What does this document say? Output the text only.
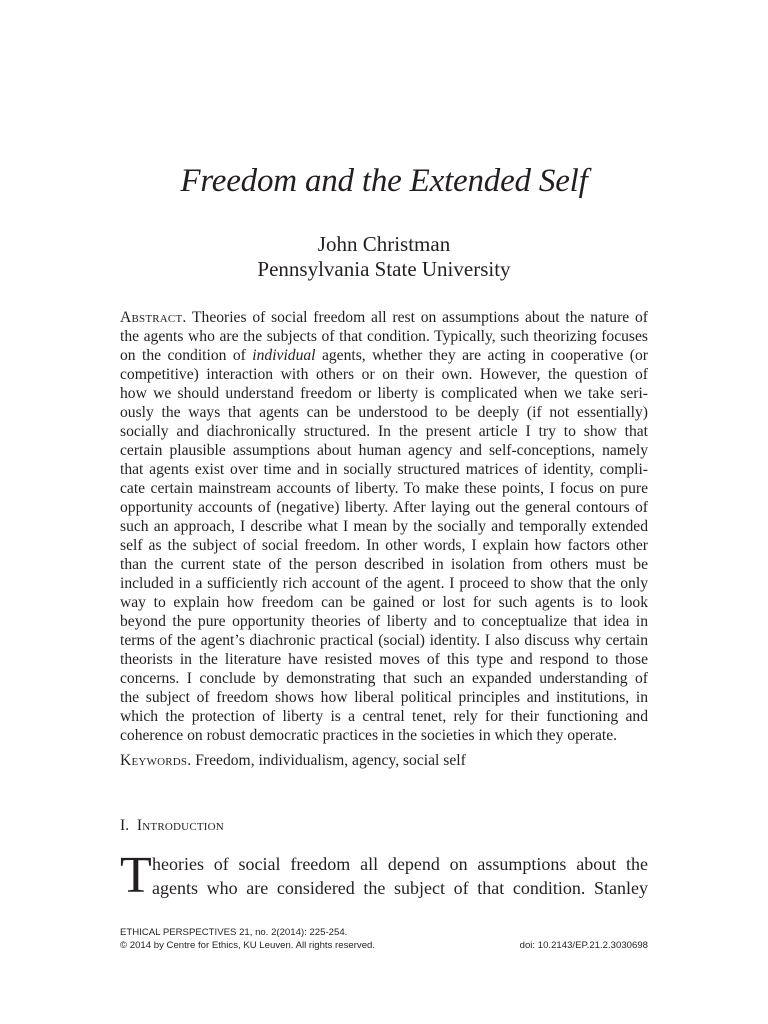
Freedom and the Extended Self
John Christman
Pennsylvania State University
Abstract. Theories of social freedom all rest on assumptions about the nature of
the agents who are the subjects of that condition. Typically, such theorizing focuses
on the condition of individual agents, whether they are acting in cooperative (or
competitive) interaction with others or on their own. However, the question of
how we should understand freedom or liberty is complicated when we take seri-
ously the ways that agents can be understood to be deeply (if not essentially)
socially and diachronically structured. In the present article I try to show that
certain plausible assumptions about human agency and self-conceptions, namely
that agents exist over time and in socially structured matrices of identity, compli-
cate certain mainstream accounts of liberty. To make these points, I focus on pure
opportunity accounts of (negative) liberty. After laying out the general contours of
such an approach, I describe what I mean by the socially and temporally extended
self as the subject of social freedom. In other words, I explain how factors other
than the current state of the person described in isolation from others must be
included in a sufficiently rich account of the agent. I proceed to show that the only
way to explain how freedom can be gained or lost for such agents is to look
beyond the pure opportunity theories of liberty and to conceptualize that idea in
terms of the agent’s diachronic practical (social) identity. I also discuss why certain
theorists in the literature have resisted moves of this type and respond to those
concerns. I conclude by demonstrating that such an expanded understanding of
the subject of freedom shows how liberal political principles and institutions, in
which the protection of liberty is a central tenet, rely for their functioning and
coherence on robust democratic practices in the societies in which they operate.
Keywords. Freedom, individualism, agency, social self
I. Introduction
T heories of social freedom all depend on assumptions about the
agents who are considered the subject of that condition. Stanley
ETHICAL PERSPECTIVES 21, no. 2(2014): 225-254.
© 2014 by Centre for Ethics, KU Leuven. All rights reserved.	doi: 10.2143/EP.21.2.3030698
